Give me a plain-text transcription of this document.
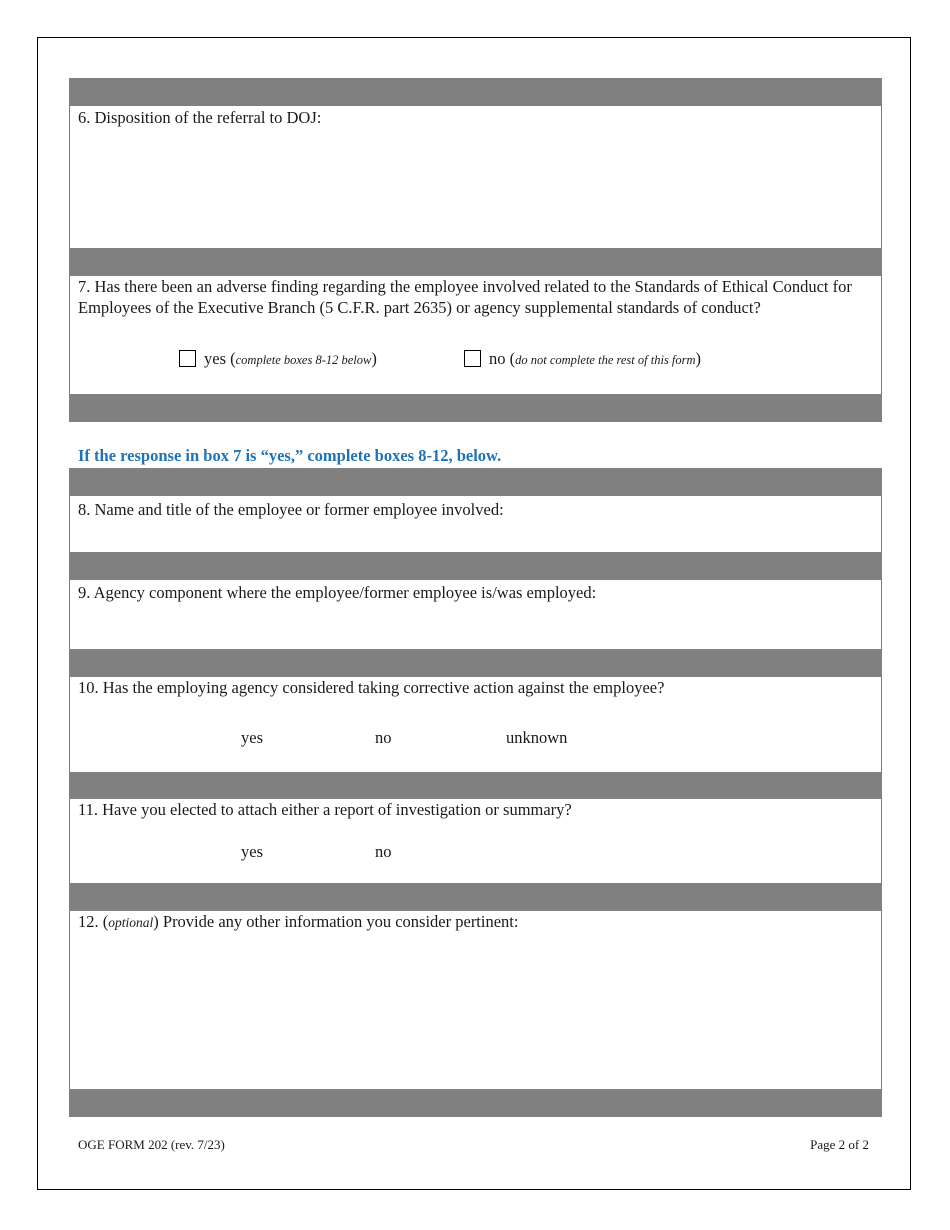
6. Disposition of the referral to DOJ:
7. Has there been an adverse finding regarding the employee involved related to the Standards of Ethical Conduct for Employees of the Executive Branch (5 C.F.R. part 2635) or agency supplemental standards of conduct?
yes (complete boxes 8-12 below)	no (do not complete the rest of this form)
If the response in box 7 is “yes,” complete boxes 8-12, below.
8. Name and title of the employee or former employee involved:
9. Agency component where the employee/former employee is/was employed:
10. Has the employing agency considered taking corrective action against the employee?
yes	no	unknown
11. Have you elected to attach either a report of investigation or summary?
yes	no
12. (optional) Provide any other information you consider pertinent:
OGE FORM 202 (rev. 7/23)	Page 2 of 2
